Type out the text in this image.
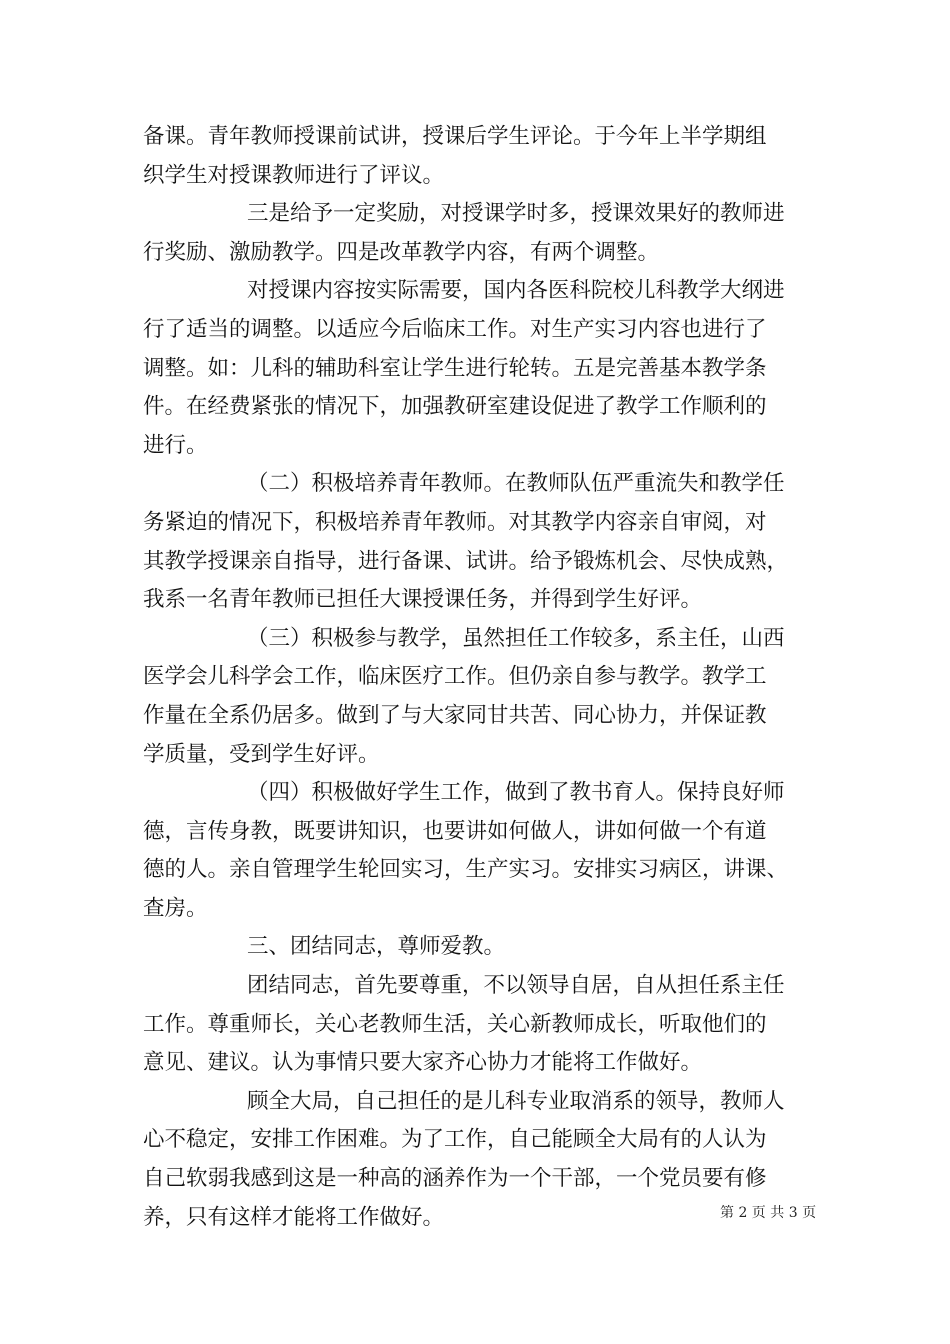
备课。青年教师授课前试讲，授课后学生评论。于今年上半学期组
织学生对授课教师进行了评议。
三是给予一定奖励，对授课学时多，授课效果好的教师进
行奖励、激励教学。四是改革教学内容，有两个调整。
对授课内容按实际需要，国内各医科院校儿科教学大纲进
行了适当的调整。以适应今后临床工作。对生产实习内容也进行了
调整。如：儿科的辅助科室让学生进行轮转。五是完善基本教学条
件。在经费紧张的情况下，加强教研室建设促进了教学工作顺利的
进行。
（二）积极培养青年教师。在教师队伍严重流失和教学任
务紧迫的情况下，积极培养青年教师。对其教学内容亲自审阅，对
其教学授课亲自指导，进行备课、试讲。给予锻炼机会、尽快成熟，
我系一名青年教师已担任大课授课任务，并得到学生好评。
（三）积极参与教学，虽然担任工作较多，系主任，山西
医学会儿科学会工作，临床医疗工作。但仍亲自参与教学。教学工
作量在全系仍居多。做到了与大家同甘共苦、同心协力，并保证教
学质量，受到学生好评。
（四）积极做好学生工作，做到了教书育人。保持良好师
德，言传身教，既要讲知识，也要讲如何做人，讲如何做一个有道
德的人。亲自管理学生轮回实习，生产实习。安排实习病区，讲课、
查房。
三、团结同志，尊师爱教。
团结同志，首先要尊重，不以领导自居，自从担任系主任
工作。尊重师长，关心老教师生活，关心新教师成长，听取他们的
意见、建议。认为事情只要大家齐心协力才能将工作做好。
顾全大局，自己担任的是儿科专业取消系的领导，教师人
心不稳定，安排工作困难。为了工作，自己能顾全大局有的人认为
自己软弱我感到这是一种高的涵养作为一个干部，一个党员要有修
养，只有这样才能将工作做好。	第 2 页 共 3 页
